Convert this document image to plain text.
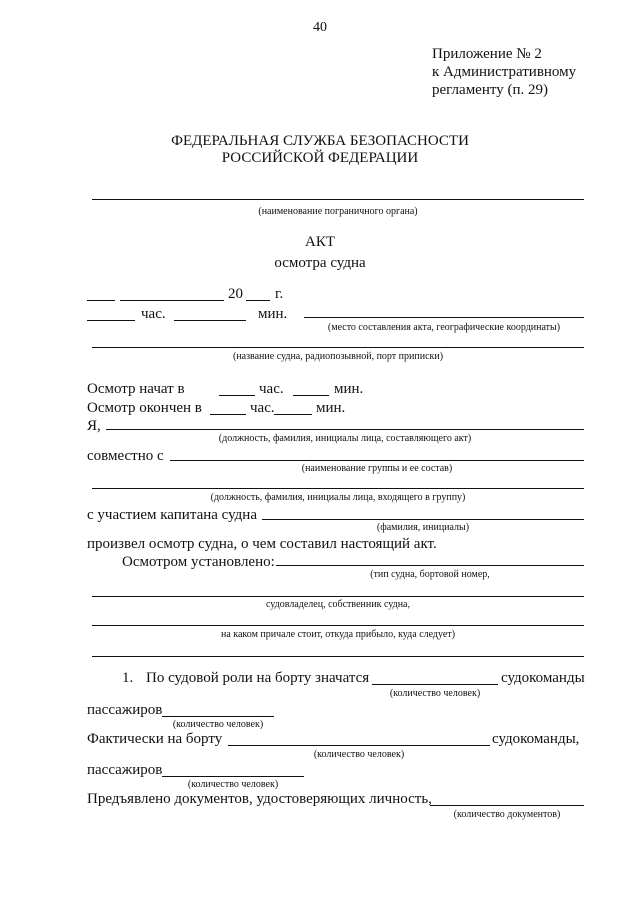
40
Приложение № 2
к Административному
регламенту (п. 29)
ФЕДЕРАЛЬНАЯ СЛУЖБА БЕЗОПАСНОСТИ
РОССИЙСКОЙ ФЕДЕРАЦИИ
(наименование пограничного органа)
АКТ
осмотра судна
20 г.
час.	мин.
(место составления акта, географические координаты)
(название судна, радиопозывной, порт приписки)
Осмотр начат в	час.	мин.
Осмотр окончен в	час.	мин.
Я,
(должность, фамилия, инициалы лица, составляющего акт)
совместно с
(наименование группы и ее состав)
(должность, фамилия, инициалы лица, входящего в группу)
с участием капитана судна
(фамилия, инициалы)
произвел осмотр судна, о чем составил настоящий акт.
Осмотром установлено:
(тип судна, бортовой номер,
судовладелец, собственник судна,
на каком причале стоит, откуда прибыло, куда следует)
1. По судовой роли на борту значатся	судокоманды
(количество человек)
пассажиров
(количество человек)
Фактически на борту	судокоманды,
(количество человек)
пассажиров
(количество человек)
Предъявлено документов, удостоверяющих личность,
(количество документов)
